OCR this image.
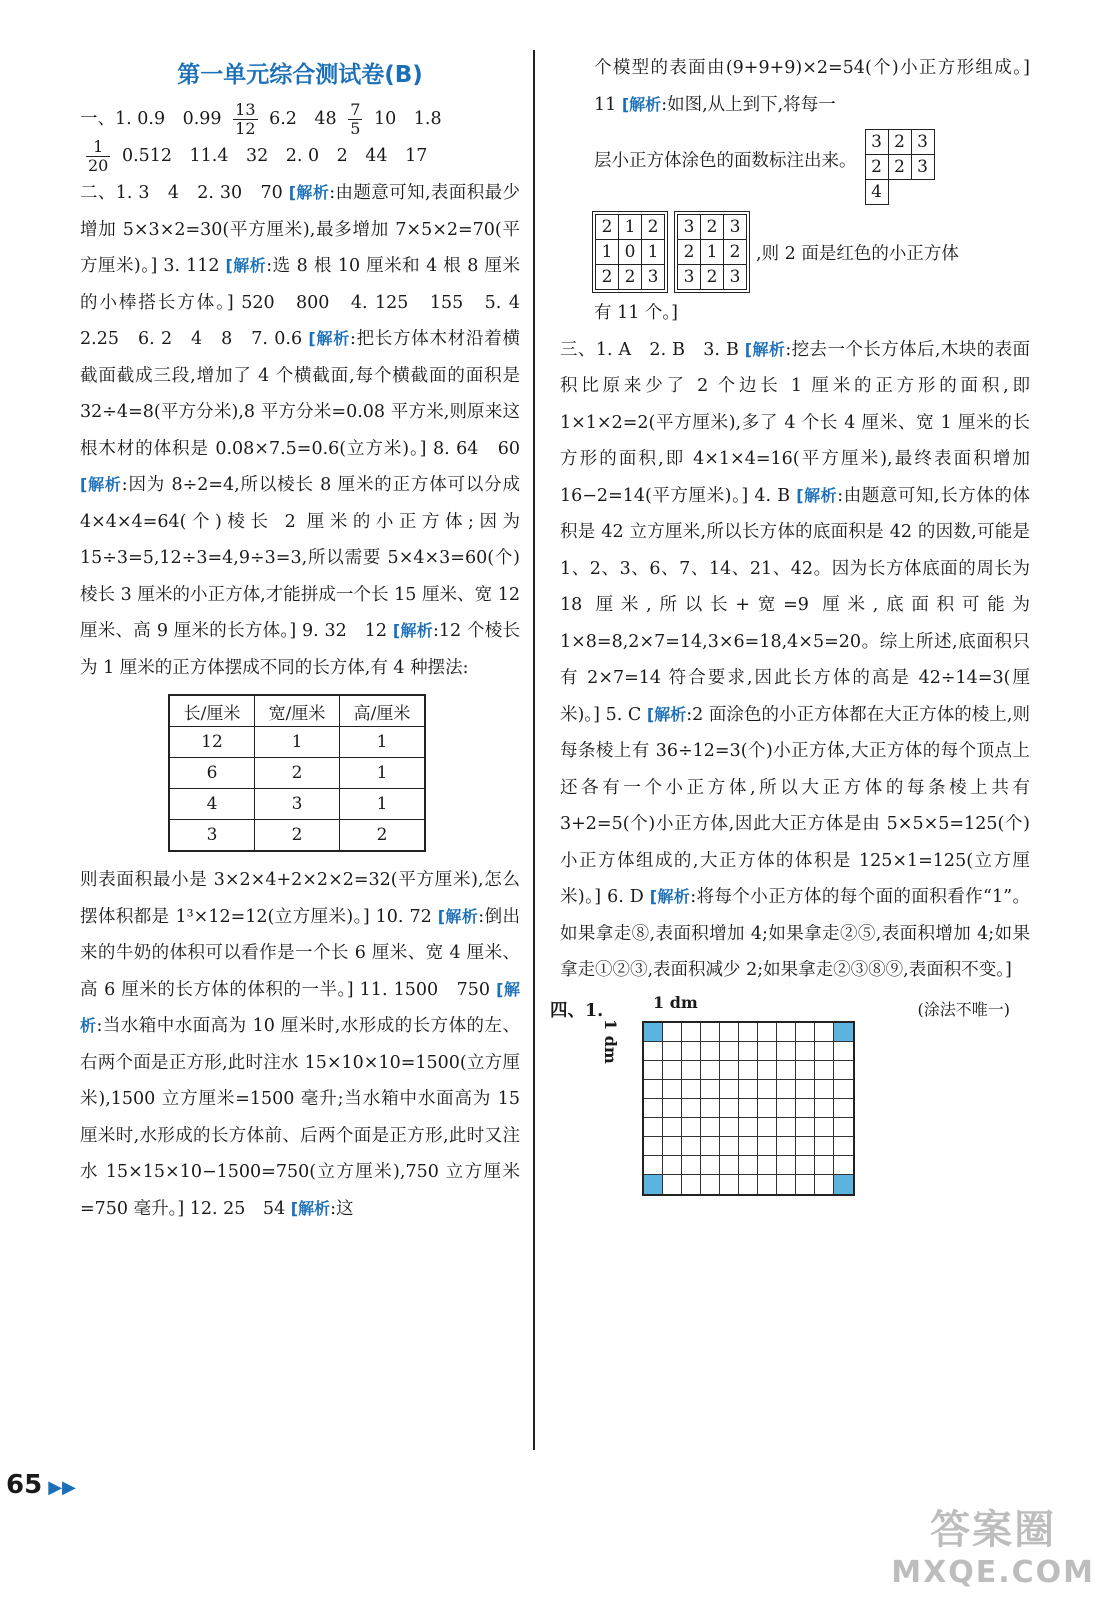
第一单元综合测试卷(B)

一、1. 0.9　$0.99 \frac{13}{12} 6.2$　$48 \frac{7}{5} 10$　1.8

$\frac{1}{20} 0.512$　11.4　32　2. 0　2　44　17

二、1. 3　4　2. 30　70 [解析:由题意可知,表面积最少增加 5×3×2=30(平方厘米),最多增加 7×5×2=70(平方厘米)。] 3. 112 [解析:选 8 根 10 厘米和 4 根 8 厘米的小棒搭长方体。] 520　800　4. 125　155　5. 4　2.25　6. 2　4　8　7. 0.6 [解析:把长方体木材沿着横截面截成三段,增加了 4 个横截面,每个横截面的面积是 32÷4=8(平方分米),8 平方分米=0.08 平方米,则原来这根木材的体积是 0.08×7.5=0.6(立方米)。] 8. 64　60 [解析:因为 8÷2=4,所以棱长 8 厘米的正方体可以分成 4×4×4=64(个)棱长 2 厘米的小正方体;因为 15÷3=5,12÷3=4,9÷3=3,所以需要 5×4×3=60(个)棱长 3 厘米的小正方体,才能拼成一个长 15 厘米、宽 12 厘米、高 9 厘米的长方体。] 9. 32　12 [解析:12 个棱长为 1 厘米的正方体摆成不同的长方体,有 4 种摆法:

长/厘米	宽/厘米	高/厘米
12	1	1
6	2	1
4	3	1
3	2	2

则表面积最小是 3×2×4+2×2×2=32(平方厘米),怎么摆体积都是 1³×12=12(立方厘米)。] 10. 72 [解析:倒出来的牛奶的体积可以看作是一个长 6 厘米、宽 4 厘米、高 6 厘米的长方体的体积的一半。] 11. 1500　750 [解析:当水箱中水面高为 10 厘米时,水形成的长方体的左、右两个面是正方形,此时注水 15×10×10=1500(立方厘米),1500 立方厘米=1500 毫升;当水箱中水面高为 15 厘米时,水形成的长方体前、后两个面是正方形,此时又注水 15×15×10−1500=750(立方厘米),750 立方厘米=750 毫升。] 12. 25　54 [解析:这

个模型的表面由(9+9+9)×2=54(个)小正方形组成。] 11 [解析:如图,从上到下,将每一

层小正方体涂色的面数标注出来。
3	2	3
2	2	3
4		
2	1	2
1	0	1
2	2	3
3	2	3
2	1	2
3	2	3
,则 2 面是红色的小正方体

有 11 个。]

三、1. A　2. B　3. B [解析:挖去一个长方体后,木块的表面积比原来少了 2 个边长 1 厘米的正方形的面积,即 1×1×2=2(平方厘米),多了 4 个长 4 厘米、宽 1 厘米的长方形的面积,即 4×1×4=16(平方厘米),最终表面积增加 16−2=14(平方厘米)。] 4. B [解析:由题意可知,长方体的体积是 42 立方厘米,所以长方体的底面积是 42 的因数,可能是 1、2、3、6、7、14、21、42。因为长方体底面的周长为 18 厘米,所以长+宽=9 厘米,底面积可能为 1×8=8,2×7=14,3×6=18,4×5=20。综上所述,底面积只有 2×7=14 符合要求,因此长方体的高是 42÷14=3(厘米)。] 5. C [解析:2 面涂色的小正方体都在大正方体的棱上,则每条棱上有 36÷12=3(个)小正方体,大正方体的每个顶点上还各有一个小正方体,所以大正方体的每条棱上共有 3+2=5(个)小正方体,因此大正方体是由 5×5×5=125(个)小正方体组成的,大正方体的体积是 125×1=125(立方厘米)。] 6. D [解析:将每个小正方体的每个面的面积看作“1”。如果拿走⑧,表面积增加 4;如果拿走②⑤,表面积增加 4;如果拿走①②③,表面积减少 2;如果拿走②③⑧⑨,表面积不变。]

四、1.	1 dm
1 dm
(涂法不唯一)
65 ▶▶
答案圈
MXQE.COM
